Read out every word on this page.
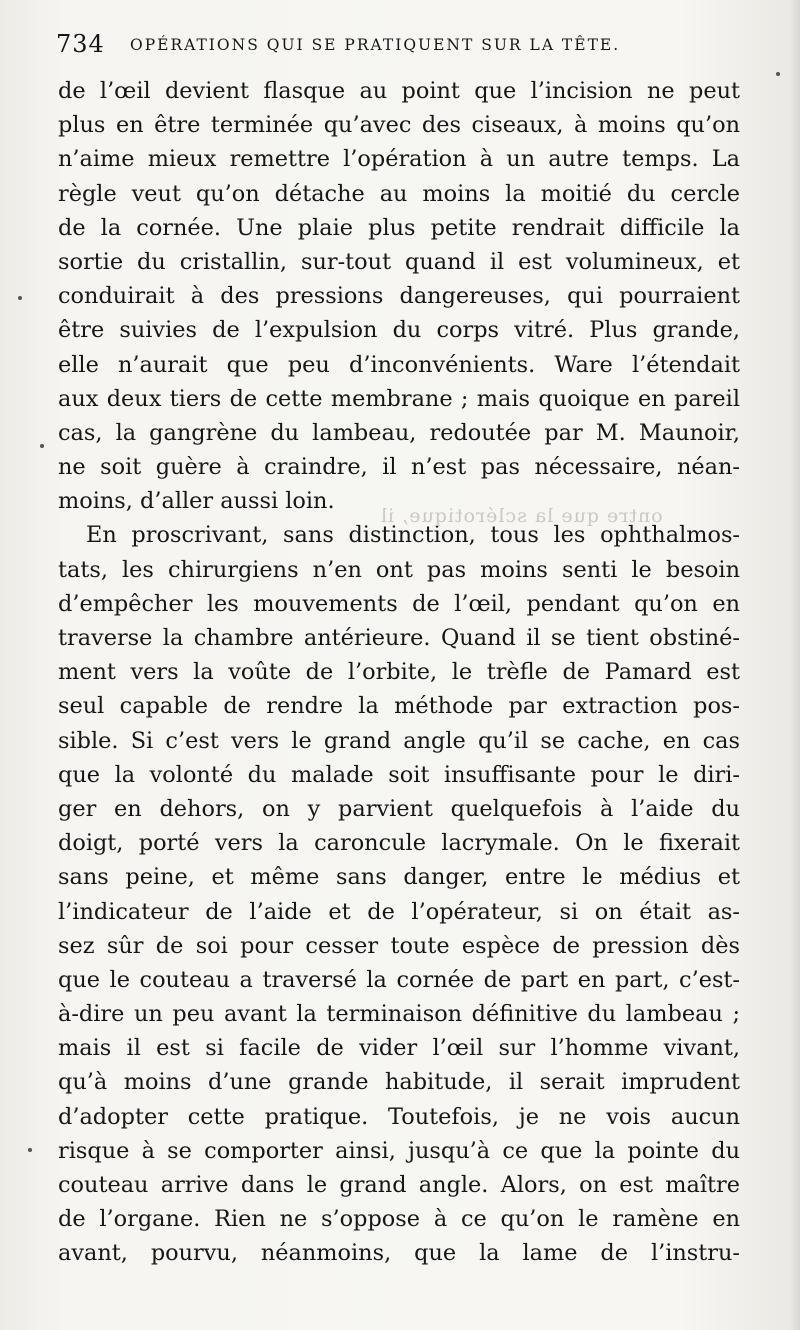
734 OPÉRATIONS QUI SE PRATIQUENT SUR LA TÊTE.
de l’œil devient flasque au point que l’incision ne peut
plus en être terminée qu’avec des ciseaux, à moins qu’on
n’aime mieux remettre l’opération à un autre temps. La
règle veut qu’on détache au moins la moitié du cercle
de la cornée. Une plaie plus petite rendrait difficile la
sortie du cristallin, sur-tout quand il est volumineux, et
conduirait à des pressions dangereuses, qui pourraient
être suivies de l’expulsion du corps vitré. Plus grande,
elle n’aurait que peu d’inconvénients. Ware l’étendait
aux deux tiers de cette membrane ; mais quoique en pareil
cas, la gangrène du lambeau, redoutée par M. Maunoir,
ne soit guère à craindre, il n’est pas nécessaire, néan-
moins, d’aller aussi loin.
En proscrivant, sans distinction, tous les ophthalmos-
tats, les chirurgiens n’en ont pas moins senti le besoin
d’empêcher les mouvements de l’œil, pendant qu’on en
traverse la chambre antérieure. Quand il se tient obstiné-
ment vers la voûte de l’orbite, le trèfle de Pamard est
seul capable de rendre la méthode par extraction pos-
sible. Si c’est vers le grand angle qu’il se cache, en cas
que la volonté du malade soit insuffisante pour le diri-
ger en dehors, on y parvient quelquefois à l’aide du
doigt, porté vers la caroncule lacrymale. On le fixerait
sans peine, et même sans danger, entre le médius et
l’indicateur de l’aide et de l’opérateur, si on était as-
sez sûr de soi pour cesser toute espèce de pression dès
que le couteau a traversé la cornée de part en part, c’est-
à-dire un peu avant la terminaison définitive du lambeau ;
mais il est si facile de vider l’œil sur l’homme vivant,
qu’à moins d’une grande habitude, il serait imprudent
d’adopter cette pratique. Toutefois, je ne vois aucun
risque à se comporter ainsi, jusqu’à ce que la pointe du
couteau arrive dans le grand angle. Alors, on est maître
de l’organe. Rien ne s’oppose à ce qu’on le ramène en
avant, pourvu, néanmoins, que la lame de l’instru-
ontre que la sclérotique, il
